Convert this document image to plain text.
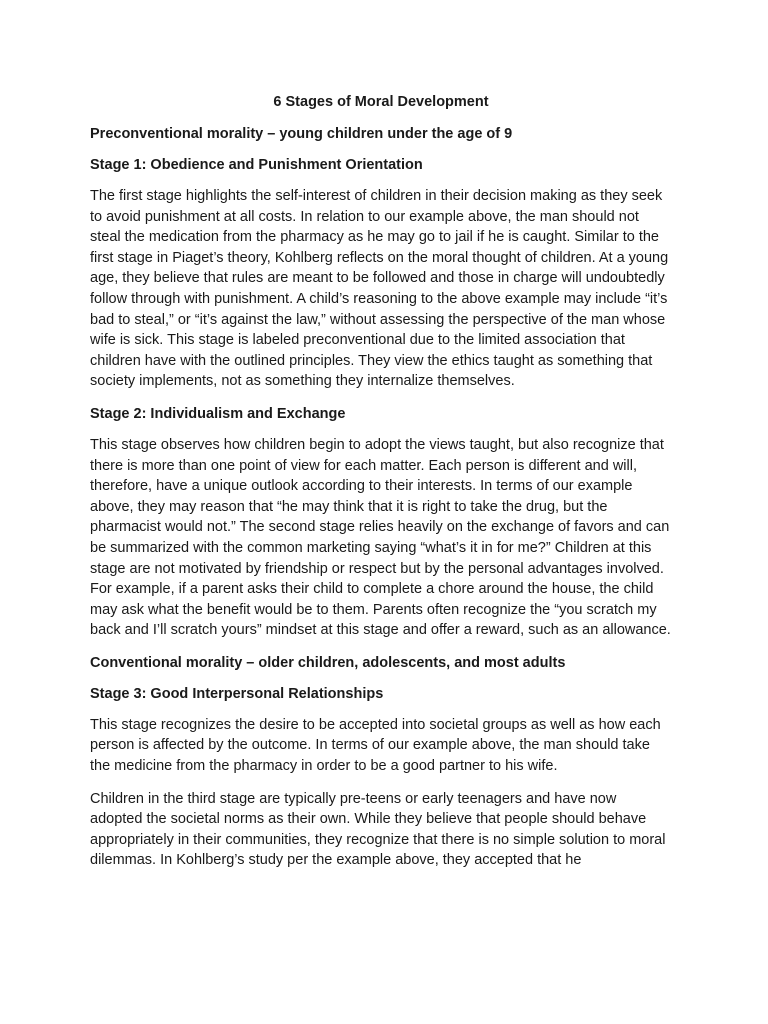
6 Stages of Moral Development
Preconventional morality – young children under the age of 9
Stage 1: Obedience and Punishment Orientation
The first stage highlights the self-interest of children in their decision making as they seek to avoid punishment at all costs. In relation to our example above, the man should not steal the medication from the pharmacy as he may go to jail if he is caught. Similar to the first stage in Piaget’s theory, Kohlberg reflects on the moral thought of children. At a young age, they believe that rules are meant to be followed and those in charge will undoubtedly follow through with punishment. A child’s reasoning to the above example may include “it’s bad to steal,” or “it’s against the law,” without assessing the perspective of the man whose wife is sick. This stage is labeled preconventional due to the limited association that children have with the outlined principles. They view the ethics taught as something that society implements, not as something they internalize themselves.
Stage 2: Individualism and Exchange
This stage observes how children begin to adopt the views taught, but also recognize that there is more than one point of view for each matter. Each person is different and will, therefore, have a unique outlook according to their interests. In terms of our example above, they may reason that “he may think that it is right to take the drug, but the pharmacist would not.” The second stage relies heavily on the exchange of favors and can be summarized with the common marketing saying “what’s it in for me?” Children at this stage are not motivated by friendship or respect but by the personal advantages involved. For example, if a parent asks their child to complete a chore around the house, the child may ask what the benefit would be to them. Parents often recognize the “you scratch my back and I’ll scratch yours” mindset at this stage and offer a reward, such as an allowance.
Conventional morality – older children, adolescents, and most adults
Stage 3: Good Interpersonal Relationships
This stage recognizes the desire to be accepted into societal groups as well as how each person is affected by the outcome. In terms of our example above, the man should take the medicine from the pharmacy in order to be a good partner to his wife.
Children in the third stage are typically pre-teens or early teenagers and have now adopted the societal norms as their own. While they believe that people should behave appropriately in their communities, they recognize that there is no simple solution to moral dilemmas. In Kohlberg’s study per the example above, they accepted that he
